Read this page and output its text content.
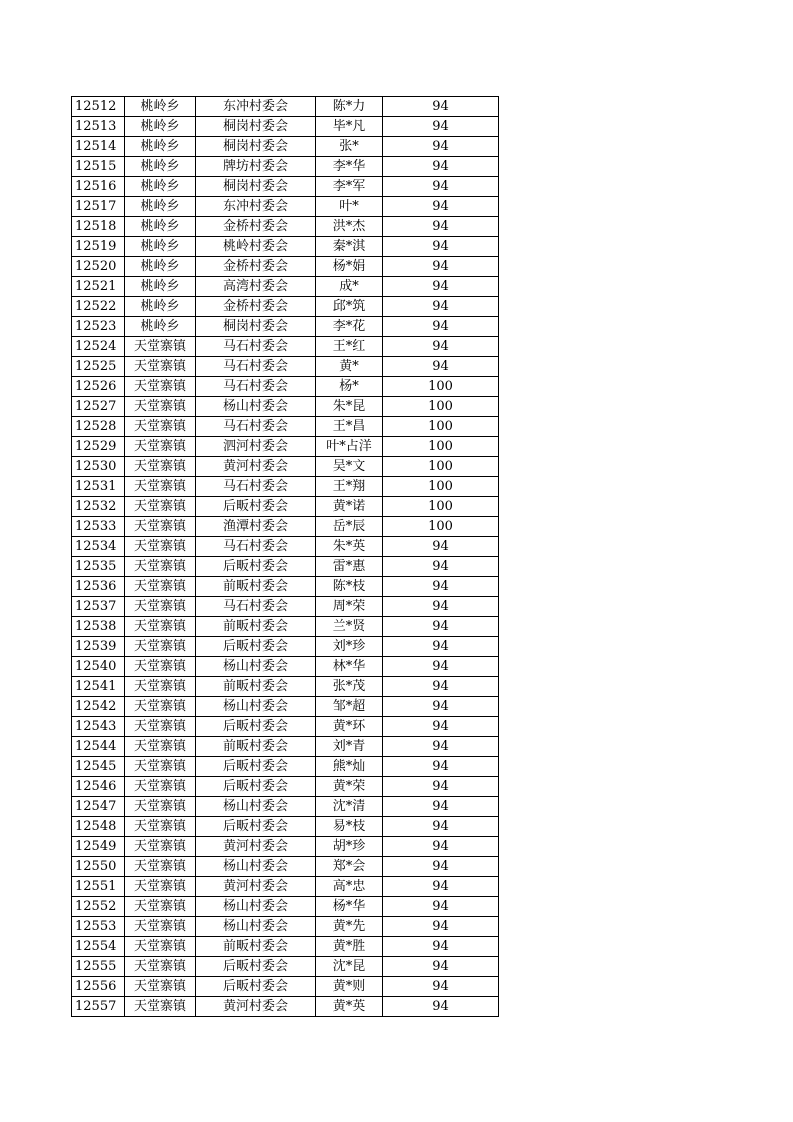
12512	桃岭乡	东冲村委会	陈*力	94
12513	桃岭乡	桐岗村委会	毕*凡	94
12514	桃岭乡	桐岗村委会	张*	94
12515	桃岭乡	牌坊村委会	李*华	94
12516	桃岭乡	桐岗村委会	李*军	94
12517	桃岭乡	东冲村委会	叶*	94
12518	桃岭乡	金桥村委会	洪*杰	94
12519	桃岭乡	桃岭村委会	秦*淇	94
12520	桃岭乡	金桥村委会	杨*娟	94
12521	桃岭乡	高湾村委会	成*	94
12522	桃岭乡	金桥村委会	邱*筑	94
12523	桃岭乡	桐岗村委会	李*花	94
12524	天堂寨镇	马石村委会	王*红	94
12525	天堂寨镇	马石村委会	黄*	94
12526	天堂寨镇	马石村委会	杨*	100
12527	天堂寨镇	杨山村委会	朱*昆	100
12528	天堂寨镇	马石村委会	王*昌	100
12529	天堂寨镇	泗河村委会	叶*占洋	100
12530	天堂寨镇	黄河村委会	吴*文	100
12531	天堂寨镇	马石村委会	王*翔	100
12532	天堂寨镇	后畈村委会	黄*诺	100
12533	天堂寨镇	渔潭村委会	岳*辰	100
12534	天堂寨镇	马石村委会	朱*英	94
12535	天堂寨镇	后畈村委会	雷*惠	94
12536	天堂寨镇	前畈村委会	陈*枝	94
12537	天堂寨镇	马石村委会	周*荣	94
12538	天堂寨镇	前畈村委会	兰*贤	94
12539	天堂寨镇	后畈村委会	刘*珍	94
12540	天堂寨镇	杨山村委会	林*华	94
12541	天堂寨镇	前畈村委会	张*茂	94
12542	天堂寨镇	杨山村委会	邹*超	94
12543	天堂寨镇	后畈村委会	黄*环	94
12544	天堂寨镇	前畈村委会	刘*青	94
12545	天堂寨镇	后畈村委会	熊*灿	94
12546	天堂寨镇	后畈村委会	黄*荣	94
12547	天堂寨镇	杨山村委会	沈*清	94
12548	天堂寨镇	后畈村委会	易*枝	94
12549	天堂寨镇	黄河村委会	胡*珍	94
12550	天堂寨镇	杨山村委会	郑*会	94
12551	天堂寨镇	黄河村委会	高*忠	94
12552	天堂寨镇	杨山村委会	杨*华	94
12553	天堂寨镇	杨山村委会	黄*先	94
12554	天堂寨镇	前畈村委会	黄*胜	94
12555	天堂寨镇	后畈村委会	沈*昆	94
12556	天堂寨镇	后畈村委会	黄*则	94
12557	天堂寨镇	黄河村委会	黄*英	94
